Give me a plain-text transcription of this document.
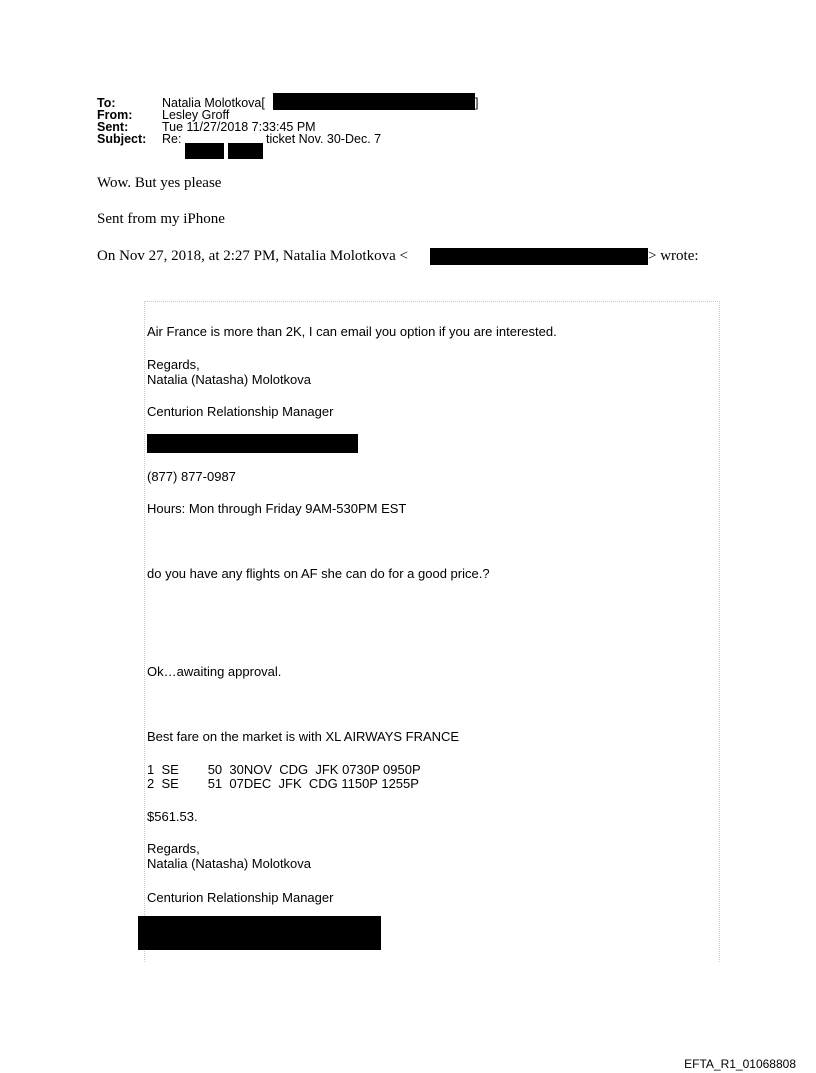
To:	Natalia Molotkova[	]
From: Lesley Groff
Sent:	Tue 11/27/2018 7:33:45 PM
Subject: Re:	ticket Nov. 30-Dec. 7
Wow. But yes please
Sent from my iPhone
On Nov 27, 2018, at 2:27 PM, Natalia Molotkova <	> wrote:
Air France is more than 2K, I can email you option if you are interested.
Regards,
Natalia (Natasha) Molotkova
Centurion Relationship Manager
(877) 877-0987
Hours: Mon through Friday 9AM-530PM EST
do you have any flights on AF she can do for a good price.?
Ok…awaiting approval.
Best fare on the market is with XL AIRWAYS FRANCE
1  SE        50  30NOV  CDG  JFK 0730P 0950P
2  SE        51  07DEC  JFK  CDG 1150P 1255P
$561.53.
Regards,
Natalia (Natasha) Molotkova
Centurion Relationship Manager
EFTA_R1_01068808
